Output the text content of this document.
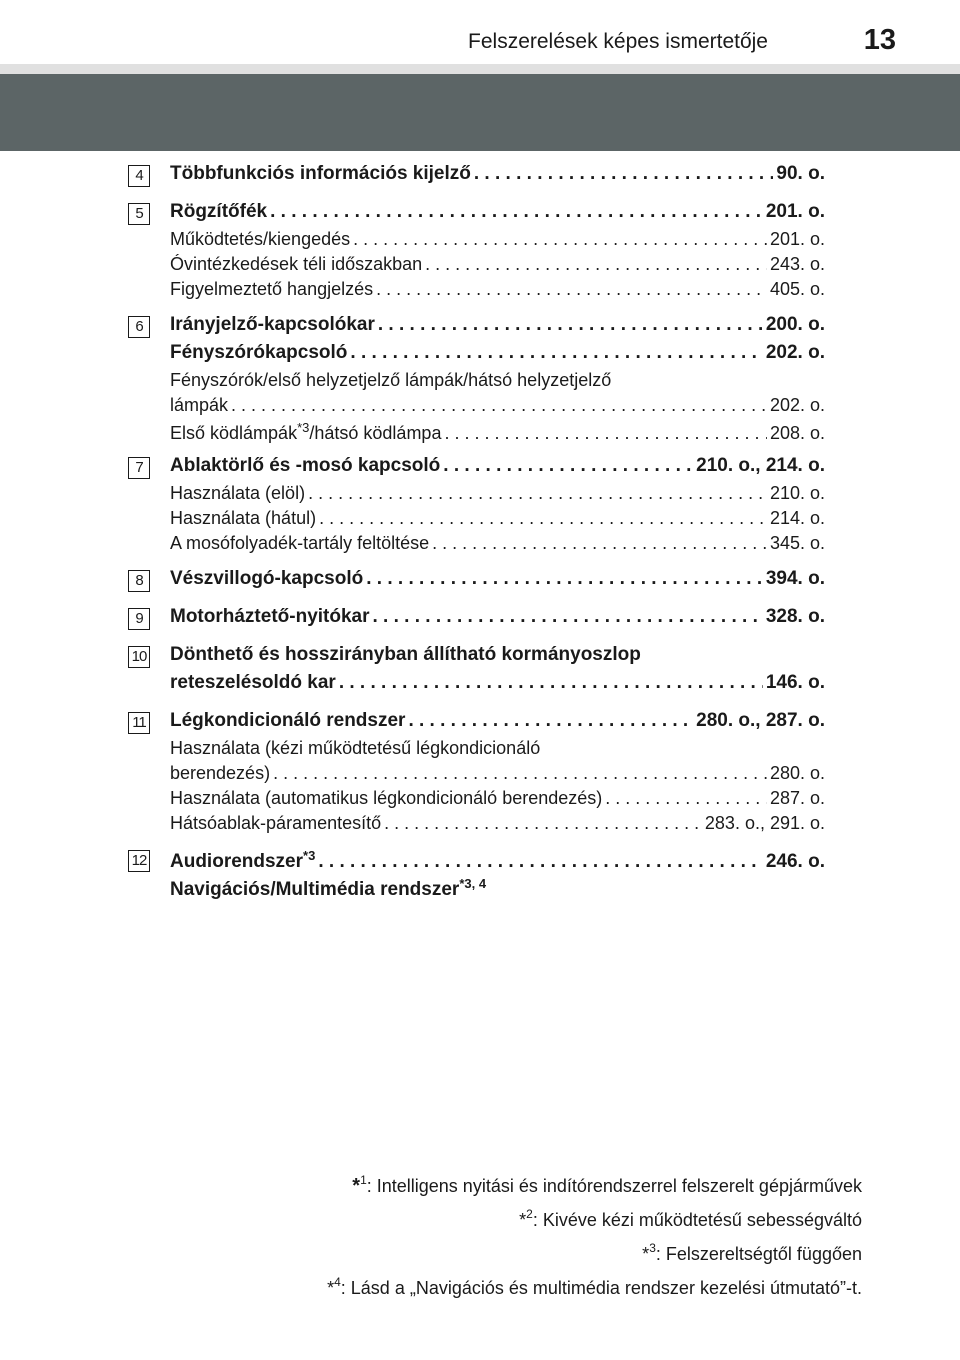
Felszerelések képes ismertetője	13
4	Többfunkciós információs kijelző . . .	90. o.
5	Rögzítőfék . . .	201. o.
Működtetés/kiengedés . . .	201. o.
Óvintézkedések téli időszakban . . .	243. o.
Figyelmeztető hangjelzés . . .	405. o.
6	Irányjelző-kapcsolókar . . .	200. o.
Fényszórókapcsoló . . .	202. o.
Fényszórók/első helyzetjelző lámpák/hátsó helyzetjelző
lámpák . . .	202. o.
Első ködlámpák$^{*3}$/hátsó ködlámpa . . .	208. o.
7	Ablaktörlő és -mosó kapcsoló . . .	210. o., 214. o.
Használata (elöl) . . .	210. o.
Használata (hátul) . . .	214. o.
A mosófolyadék-tartály feltöltése . . .	345. o.
8	Vészvillogó-kapcsoló . . .	394. o.
9	Motorháztető-nyitókar . . .	328. o.
10 Dönthető és hosszirányban állítható kormányoszlop
reteszelésoldó kar . . .	146. o.
11 Légkondicionáló rendszer . . .	280. o., 287. o.
Használata (kézi működtetésű légkondicionáló
berendezés) . . .	280. o.
Használata (automatikus légkondicionáló berendezés) . . .	287. o.
Hátsóablak-páramentesítő . . .	283. o., 291. o.
12 Audiorendszer$^{*3}$ . . .	246. o.
Navigációs/Multimédia rendszer$^{*3, 4}$
*$^1$: Intelligens nyitási és indítórendszerrel felszerelt gépjárművek
*$^2$: Kivéve kézi működtetésű sebességváltó
*$^3$: Felszereltségtől függően
*$^4$: Lásd a „Navigációs és multimédia rendszer kezelési útmutató”-t.
